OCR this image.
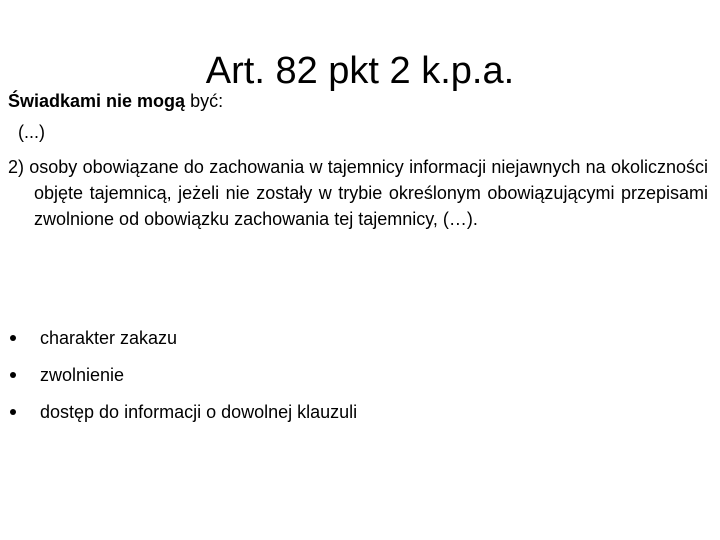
Art. 82 pkt 2 k.p.a.
Świadkami nie mogą być:
(...)
2) osoby obowiązane do zachowania w tajemnicy informacji niejawnych na okoliczności objęte tajemnicą, jeżeli nie zostały w trybie określonym obowiązującymi przepisami zwolnione od obowiązku zachowania tej tajemnicy, (…).
charakter zakazu
zwolnienie
dostęp do informacji o dowolnej klauzuli
